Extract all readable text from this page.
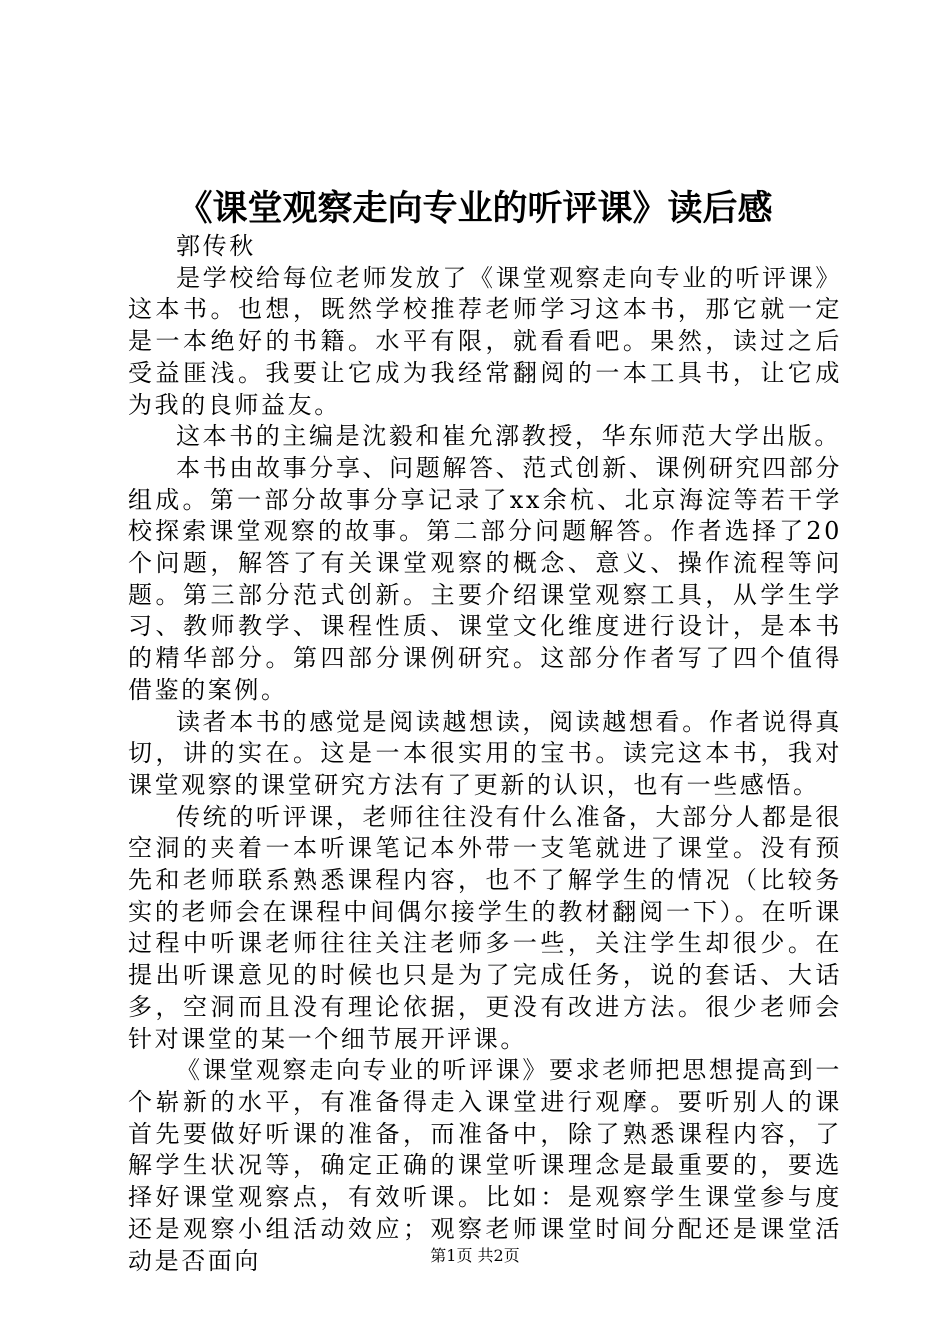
《课堂观察走向专业的听评课》读后感

郭传秋

是学校给每位老师发放了《课堂观察走向专业的听评课》这本书。也想，既然学校推荐老师学习这本书，那它就一定是一本绝好的书籍。水平有限，就看看吧。果然，读过之后受益匪浅。我要让它成为我经常翻阅的一本工具书，让它成为我的良师益友。

这本书的主编是沈毅和崔允漷教授，华东师范大学出版。

本书由故事分享、问题解答、范式创新、课例研究四部分组成。第一部分故事分享记录了xx余杭、北京海淀等若干学校探索课堂观察的故事。第二部分问题解答。作者选择了20个问题，解答了有关课堂观察的概念、意义、操作流程等问题。第三部分范式创新。主要介绍课堂观察工具，从学生学习、教师教学、课程性质、课堂文化维度进行设计，是本书的精华部分。第四部分课例研究。这部分作者写了四个值得借鉴的案例。

读者本书的感觉是阅读越想读，阅读越想看。作者说得真切，讲的实在。这是一本很实用的宝书。读完这本书，我对课堂观察的课堂研究方法有了更新的认识，也有一些感悟。

传统的听评课，老师往往没有什么准备，大部分人都是很空洞的夹着一本听课笔记本外带一支笔就进了课堂。没有预先和老师联系熟悉课程内容，也不了解学生的情况（比较务实的老师会在课程中间偶尔接学生的教材翻阅一下）。在听课过程中听课老师往往关注老师多一些，关注学生却很少。在提出听课意见的时候也只是为了完成任务，说的套话、大话多，空洞而且没有理论依据，更没有改进方法。很少老师会针对课堂的某一个细节展开评课。

《课堂观察走向专业的听评课》要求老师把思想提高到一个崭新的水平，有准备得走入课堂进行观摩。要听别人的课首先要做好听课的准备，而准备中，除了熟悉课程内容，了解学生状况等，确定正确的课堂听课理念是最重要的，要选择好课堂观察点，有效听课。比如：是观察学生课堂参与度还是观察小组活动效应；观察老师课堂时间分配还是课堂活动是否面向	第1页 共2页
